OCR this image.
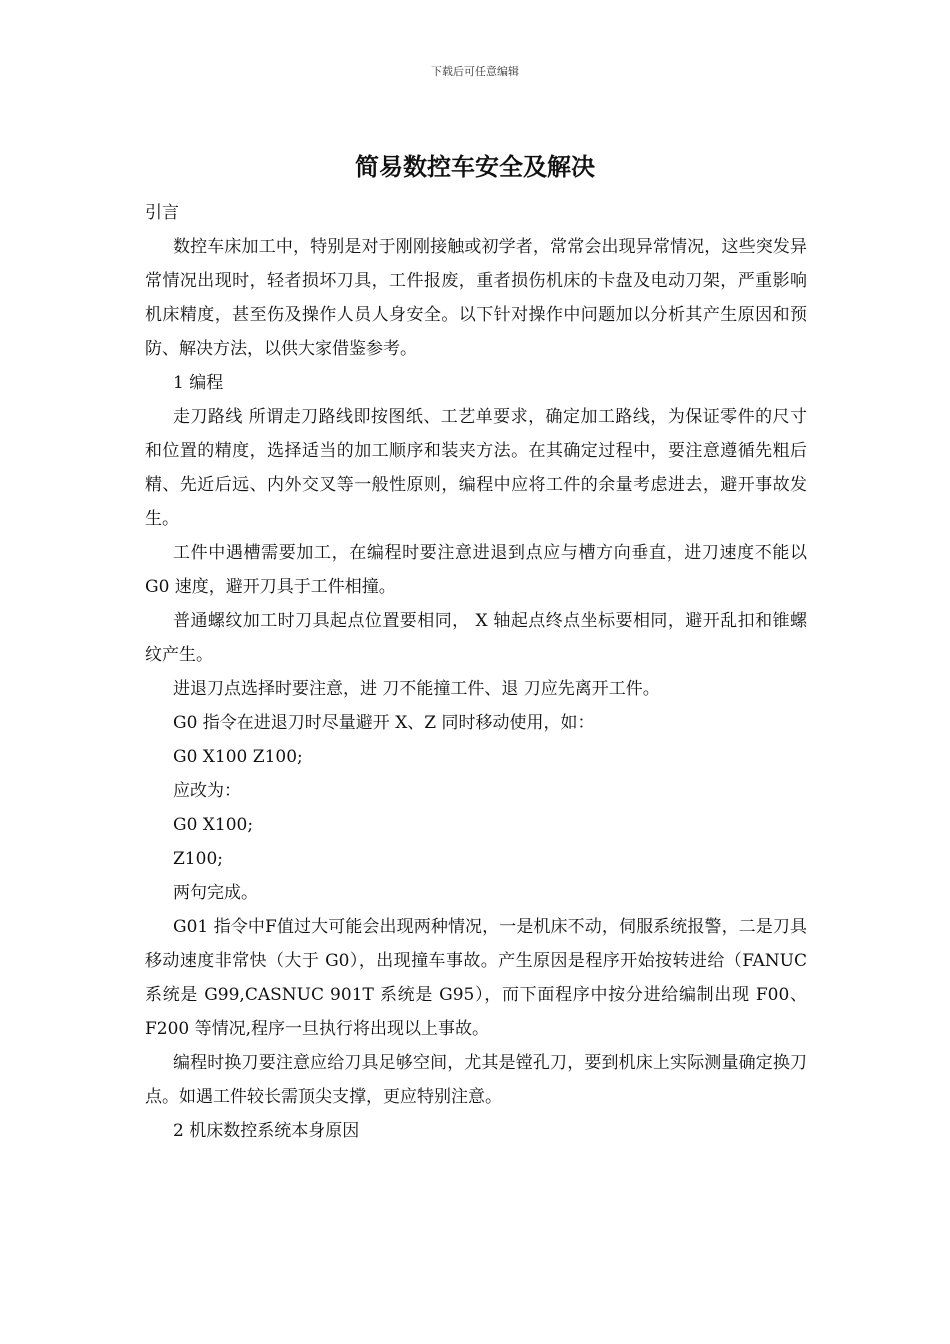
下载后可任意编辑
简易数控车安全及解决

引言

数控车床加工中，特别是对于刚刚接触或初学者，常常会出现异常情况，这些突发异常情况出现时，轻者损坏刀具，工件报废，重者损伤机床的卡盘及电动刀架，严重影响机床精度，甚至伤及操作人员人身安全。以下针对操作中问题加以分析其产生原因和预防、解决方法，以供大家借鉴参考。

1 编程

走刀路线 所谓走刀路线即按图纸、工艺单要求，确定加工路线，为保证零件的尺寸和位置的精度，选择适当的加工顺序和装夹方法。在其确定过程中，要注意遵循先粗后精、先近后远、内外交叉等一般性原则，编程中应将工件的余量考虑进去，避开事故发生。

工件中遇槽需要加工，在编程时要注意进退到点应与槽方向垂直，进刀速度不能以 G0 速度，避开刀具于工件相撞。

普通螺纹加工时刀具起点位置要相同， X 轴起点终点坐标要相同，避开乱扣和锥螺纹产生。

进退刀点选择时要注意，进 刀不能撞工件、退 刀应先离开工件。

G0 指令在进退刀时尽量避开 X、Z 同时移动使用，如：

G0 X100 Z100;

应改为：

G0 X100;

Z100;

两句完成。

G01 指令中F值过大可能会出现两种情况，一是机床不动，伺服系统报警，二是刀具移动速度非常快（大于 G0），出现撞车事故。产生原因是程序开始按转进给（FANUC 系统是 G99,CASNUC 901T 系统是 G95），而下面程序中按分进给编制出现 F00、F200 等情况,程序一旦执行将出现以上事故。

编程时换刀要注意应给刀具足够空间，尤其是镗孔刀，要到机床上实际测量确定换刀点。如遇工件较长需顶尖支撑，更应特别注意。

2 机床数控系统本身原因
